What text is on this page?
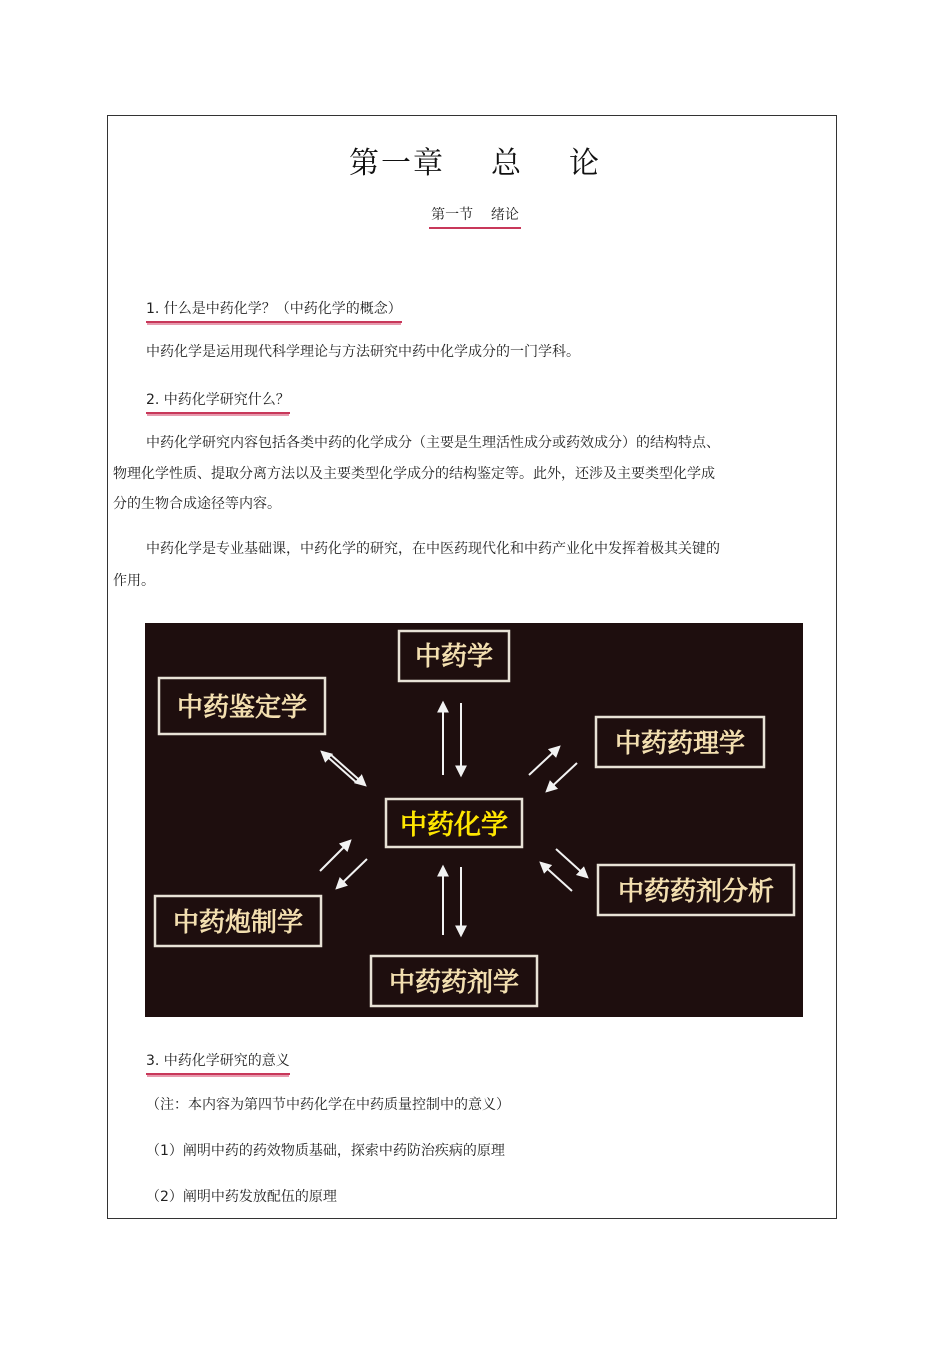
第一章 总 论
第一节    绪论
1. 什么是中药化学？（中药化学的概念）
中药化学是运用现代科学理论与方法研究中药中化学成分的一门学科。
2. 中药化学研究什么？
中药化学研究内容包括各类中药的化学成分（主要是生理活性成分或药效成分）的结构特点、
物理化学性质、提取分离方法以及主要类型化学成分的结构鉴定等。此外，还涉及主要类型化学成
分的生物合成途径等内容。
中药化学是专业基础课，中药化学的研究，在中医药现代化和中药产业化中发挥着极其关键的
作用。
中药学
中药鉴定学
中药药理学
中药化学
中药药剂分析
中药炮制学
中药药剂学
3. 中药化学研究的意义
（注：本内容为第四节中药化学在中药质量控制中的意义）
（1）阐明中药的药效物质基础，探索中药防治疾病的原理
（2）阐明中药发放配伍的原理
